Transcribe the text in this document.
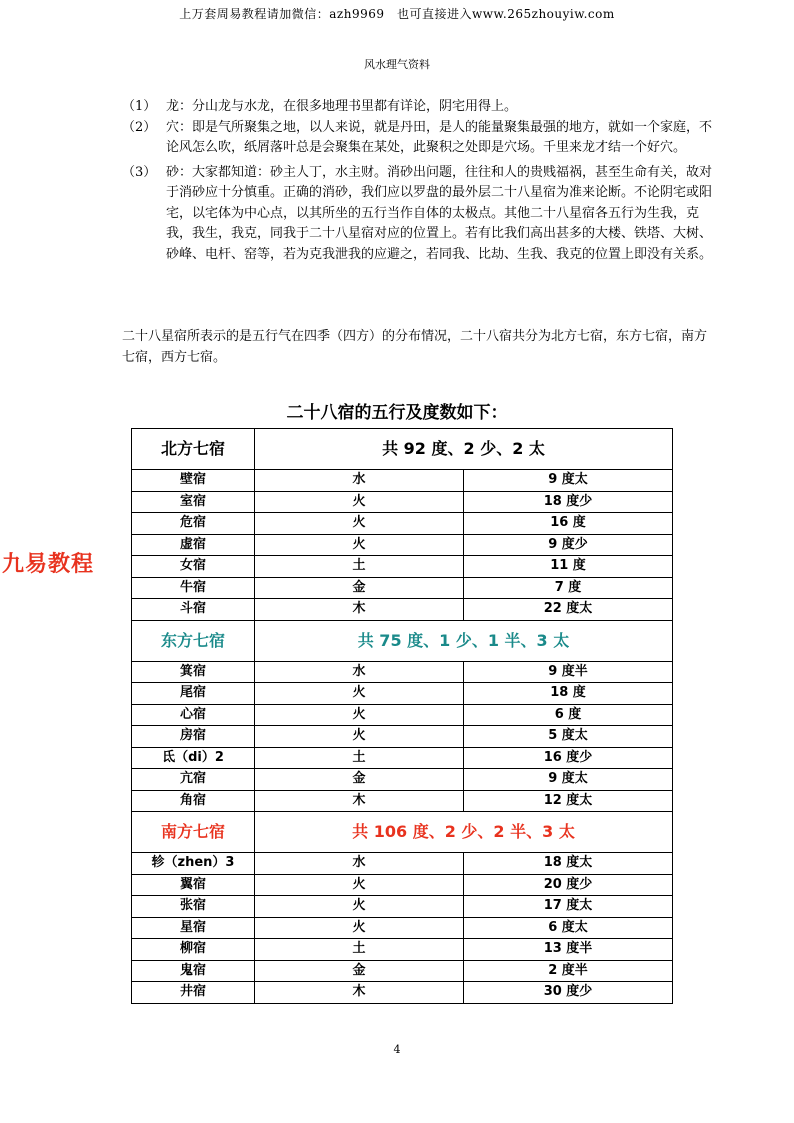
上万套周易教程请加微信：azh9969　也可直接进入www.265zhouyiw.com
风水理气资料
九易教程
（1） 龙：分山龙与水龙，在很多地理书里都有详论，阴宅用得上。
（2） 穴：即是气所聚集之地，以人来说，就是丹田，是人的能量聚集最强的地方，就如一个家庭，不论风怎么吹，纸屑落叶总是会聚集在某处，此聚积之处即是穴场。千里来龙才结一个好穴。
（3） 砂：大家都知道：砂主人丁，水主财。消砂出问题，往往和人的贵贱福祸，甚至生命有关，故对于消砂应十分慎重。正确的消砂，我们应以罗盘的最外层二十八星宿为准来论断。不论阴宅或阳宅，以宅体为中心点，以其所坐的五行当作自体的太极点。其他二十八星宿各五行为生我，克我，我生，我克，同我于二十八星宿对应的位置上。若有比我们高出甚多的大楼、铁塔、大树、砂峰、电杆、窑等，若为克我泄我的应避之，若同我、比劫、生我、我克的位置上即没有关系。
二十八星宿所表示的是五行气在四季（四方）的分布情况，二十八宿共分为北方七宿，东方七宿，南方七宿，西方七宿。
二十八宿的五行及度数如下：
北方七宿	共 92 度、2 少、2 太	
壁宿	水	9 度太
室宿	火	18 度少
危宿	火	16 度
虚宿	火	9 度少
女宿	土	11 度
牛宿	金	7 度
斗宿	木	22 度太
东方七宿	共 75 度、1 少、1 半、3 太	
箕宿	水	9 度半
尾宿	火	18 度
心宿	火	6 度
房宿	火	5 度太
氐（di）2	土	16 度少
亢宿	金	9 度太
角宿	木	12 度太
南方七宿	共 106 度、2 少、2 半、3 太	
轸（zhen）3	水	18 度太
翼宿	火	20 度少
张宿	火	17 度太
星宿	火	6 度太
柳宿	土	13 度半
鬼宿	金	2 度半
井宿	木	30 度少
4
